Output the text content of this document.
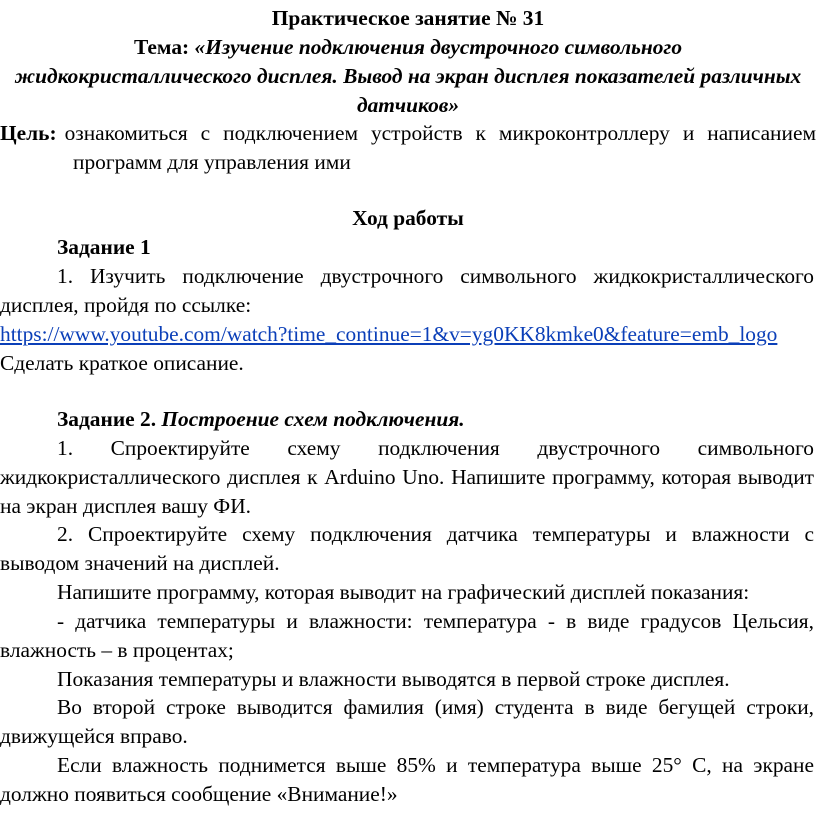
Практическое занятие № 31
Тема: «Изучение подключения двустрочного символьного
жидкокристаллического дисплея. Вывод на экран дисплея показателей различных
датчиков»
Цель: ознакомиться с подключением устройств к микроконтроллеру и написанием
программ для управления ими
Ход работы
Задание 1
1. Изучить подключение двустрочного символьного жидкокристаллического
дисплея, пройдя по ссылке:
https://www.youtube.com/watch?time_continue=1&v=yg0KK8kmke0&feature=emb_logo
Сделать краткое описание.
Задание 2. Построение схем подключения.
1. Спроектируйте схему подключения двустрочного символьного
жидкокристаллического дисплея к Arduino Uno. Напишите программу, которая выводит
на экран дисплея вашу ФИ.
2. Спроектируйте схему подключения датчика температуры и влажности с
выводом значений на дисплей.
Напишите программу, которая выводит на графический дисплей показания:
- датчика температуры и влажности: температура - в виде градусов Цельсия,
влажность – в процентах;
Показания температуры и влажности выводятся в первой строке дисплея.
Во второй строке выводится фамилия (имя) студента в виде бегущей строки,
движущейся вправо.
Если влажность поднимется выше 85% и температура выше 25° С, на экране
должно появиться сообщение «Внимание!»
